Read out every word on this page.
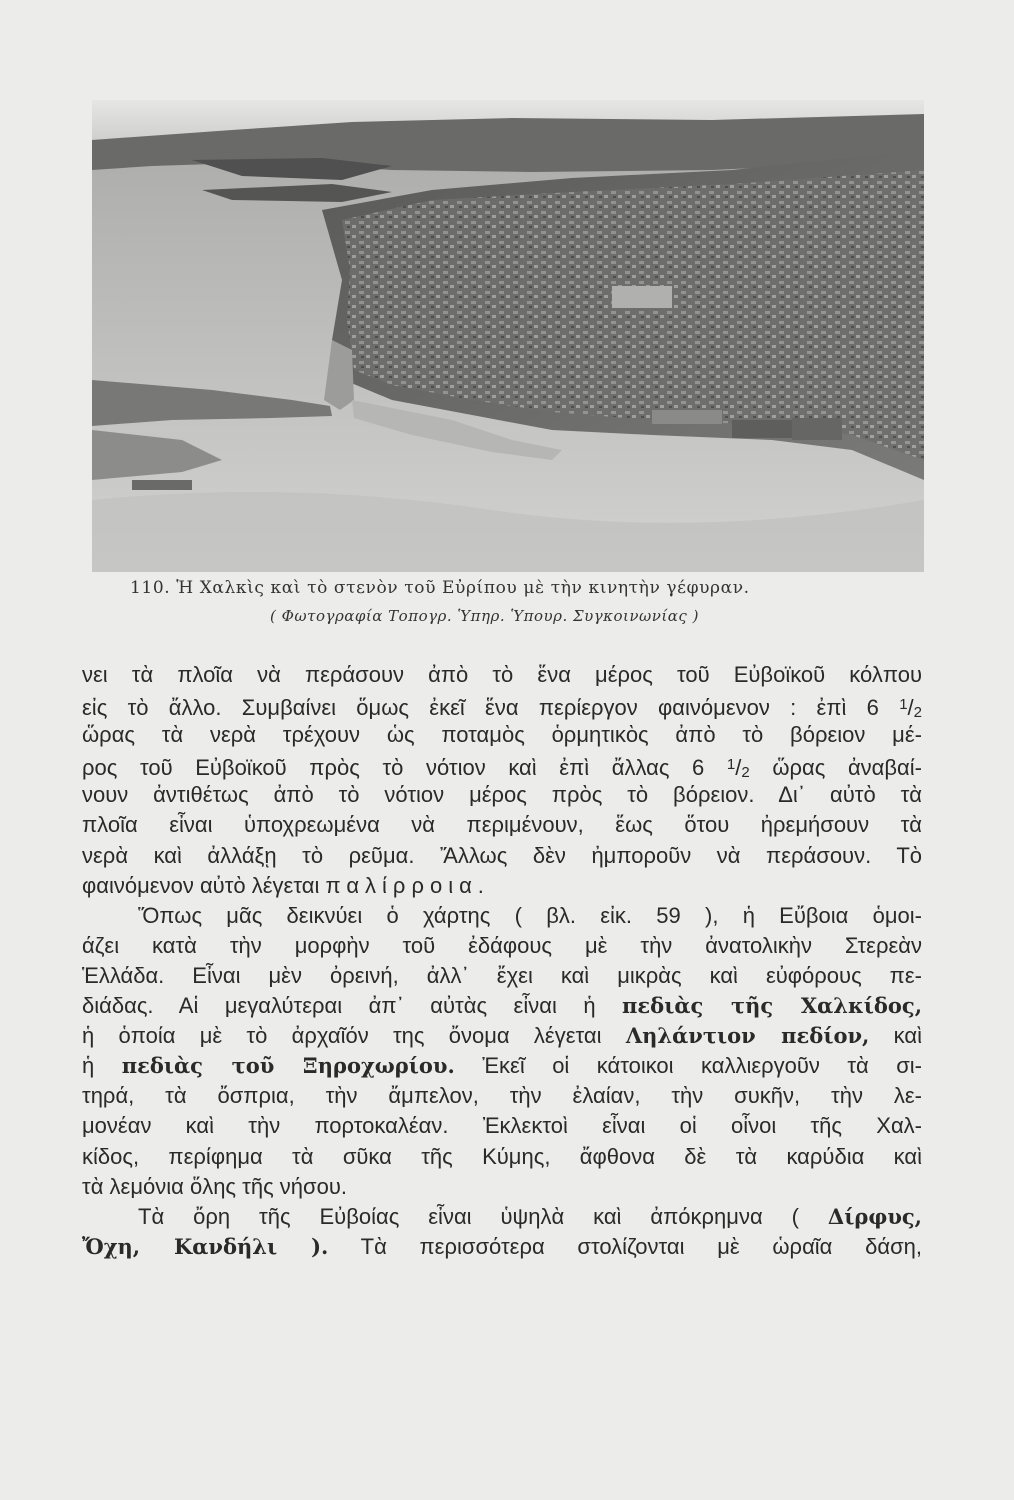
110. Ἡ Χαλκὶς καὶ τὸ στενὸν τοῦ Εὐρίπου μὲ τὴν κινητὴν γέφυραν.
( Φωτογραφία Τοπογρ. Ὑπηρ. Ὑπουρ. Συγκοινωνίας )
νει τὰ πλοῖα νὰ περάσουν ἀπὸ τὸ ἕνα μέρος τοῦ Εὐβοϊκοῦ κόλπου
εἰς τὸ ἄλλο. Συμβαίνει ὅμως ἐκεῖ ἕνα περίεργον φαινόμενον : ἐπὶ 6 $^1$/2
ὥρας τὰ νερὰ τρέχουν ὡς ποταμὸς ὁρμητικὸς ἀπὸ τὸ βόρειον μέ-
ρος τοῦ Εὐβοϊκοῦ πρὸς τὸ νότιον καὶ ἐπὶ ἄλλας 6 $^1$/2 ὥρας ἀναβαί-
νουν ἀντιθέτως ἀπὸ τὸ νότιον μέρος πρὸς τὸ βόρειον. Δι᾽ αὐτὸ τὰ
πλοῖα εἶναι ὑποχρεωμένα νὰ περιμένουν, ἕως ὅτου ἠρεμήσουν τὰ
νερὰ καὶ ἀλλάξῃ τὸ ρεῦμα. Ἄλλως δὲν ἠμποροῦν νὰ περάσουν. Τὸ
φαινόμενον αὐτὸ λέγεται παλίρροια.
Ὅπως μᾶς δεικνύει ὁ χάρτης ( βλ. εἰκ. 59 ), ἡ Εὔβοια ὁμοι-
άζει κατὰ τὴν μορφὴν τοῦ ἐδάφους μὲ τὴν ἀνατολικὴν Στερεὰν
Ἑλλάδα. Εἶναι μὲν ὀρεινή, ἀλλ᾽ ἔχει καὶ μικρὰς καὶ εὐφόρους πε-
διάδας. Αἱ μεγαλύτεραι ἀπ᾽ αὐτὰς εἶναι ἡ πεδιὰς τῆς Χαλκίδος,
ἡ ὁποία μὲ τὸ ἀρχαῖόν της ὄνομα λέγεται Ληλάντιον πεδίον, καὶ
ἡ πεδιὰς τοῦ Ξηροχωρίου. Ἐκεῖ οἱ κάτοικοι καλλιεργοῦν τὰ σι-
τηρά, τὰ ὄσπρια, τὴν ἄμπελον, τὴν ἐλαίαν, τὴν συκῆν, τὴν λε-
μονέαν καὶ τὴν πορτοκαλέαν. Ἐκλεκτοὶ εἶναι οἱ οἶνοι τῆς Χαλ-
κίδος, περίφημα τὰ σῦκα τῆς Κύμης, ἄφθονα δὲ τὰ καρύδια καὶ
τὰ λεμόνια ὅλης τῆς νήσου.
Τὰ ὄρη τῆς Εὐβοίας εἶναι ὑψηλὰ καὶ ἀπόκρημνα ( Δίρφυς,
Ὄχη, Κανδήλι ). Τὰ περισσότερα στολίζονται μὲ ὡραῖα δάση,
